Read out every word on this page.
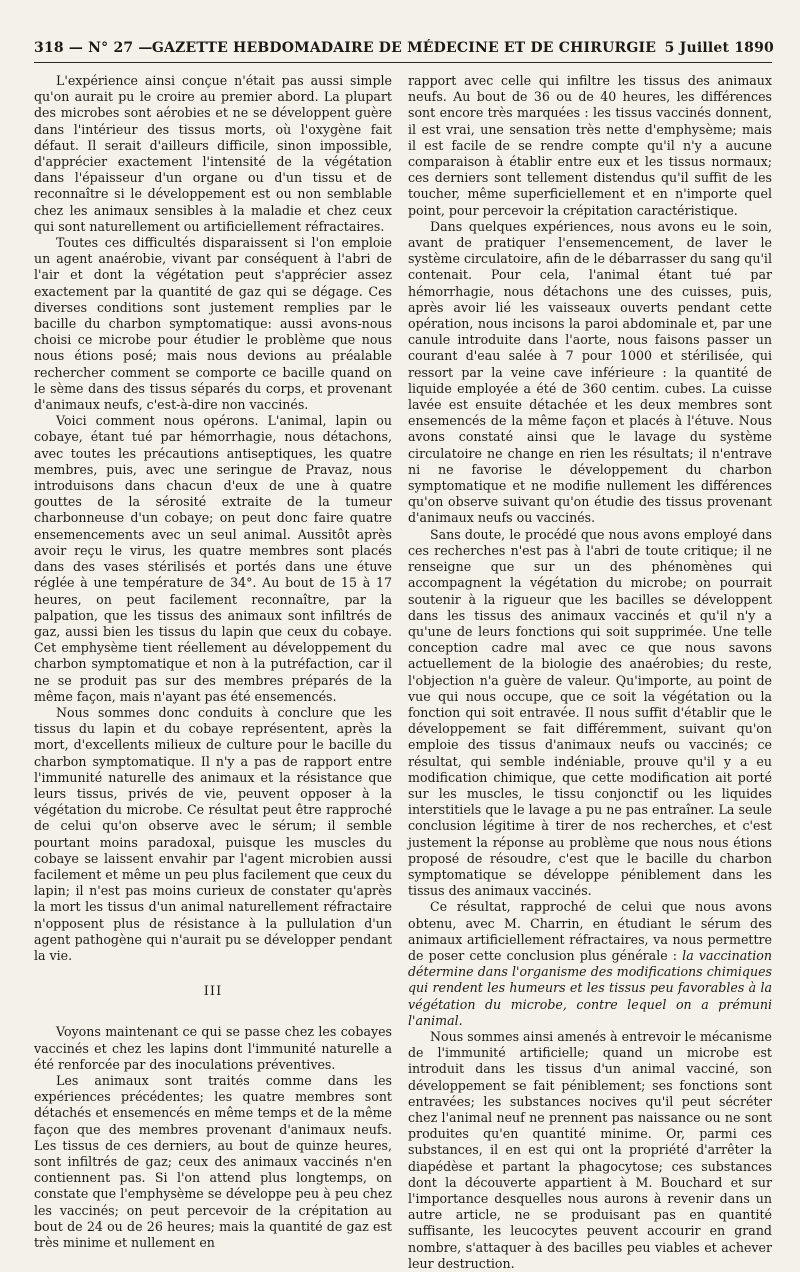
GAZETTE HEBDOMADAIRE DE MÉDECINE ET DE CHIRURGIE
318 — N° 27 —	5 Juillet 1890

L'expérience ainsi conçue n'était pas aussi simple qu'on aurait pu le croire au premier abord. La plupart des microbes sont aérobies et ne se développent guère dans l'intérieur des tissus morts, où l'oxygène fait défaut. Il serait d'ailleurs difficile, sinon impossible, d'apprécier exactement l'intensité de la végétation dans l'épaisseur d'un organe ou d'un tissu et de reconnaître si le développement est ou non semblable chez les animaux sensibles à la maladie et chez ceux qui sont naturellement ou artificiellement réfractaires.

Toutes ces difficultés disparaissent si l'on emploie un agent anaérobie, vivant par conséquent à l'abri de l'air et dont la végétation peut s'apprécier assez exactement par la quantité de gaz qui se dégage. Ces diverses conditions sont justement remplies par le bacille du charbon symptomatique: aussi avons-nous choisi ce microbe pour étudier le problème que nous nous étions posé; mais nous devions au préalable rechercher comment se comporte ce bacille quand on le sème dans des tissus séparés du corps, et provenant d'animaux neufs, c'est-à-dire non vaccinés.

Voici comment nous opérons. L'animal, lapin ou cobaye, étant tué par hémorrhagie, nous détachons, avec toutes les précautions antiseptiques, les quatre membres, puis, avec une seringue de Pravaz, nous introduisons dans chacun d'eux de une à quatre gouttes de la sérosité extraite de la tumeur charbonneuse d'un cobaye; on peut donc faire quatre ensemencements avec un seul animal. Aussitôt après avoir reçu le virus, les quatre membres sont placés dans des vases stérilisés et portés dans une étuve réglée à une température de 34°. Au bout de 15 à 17 heures, on peut facilement reconnaître, par la palpation, que les tissus des animaux sont infiltrés de gaz, aussi bien les tissus du lapin que ceux du cobaye. Cet emphysème tient réellement au développement du charbon symptomatique et non à la putréfaction, car il ne se produit pas sur des membres préparés de la même façon, mais n'ayant pas été ensemencés.

Nous sommes donc conduits à conclure que les tissus du lapin et du cobaye représentent, après la mort, d'excellents milieux de culture pour le bacille du charbon symptomatique. Il n'y a pas de rapport entre l'immunité naturelle des animaux et la résistance que leurs tissus, privés de vie, peuvent opposer à la végétation du microbe. Ce résultat peut être rapproché de celui qu'on observe avec le sérum; il semble pourtant moins paradoxal, puisque les muscles du cobaye se laissent envahir par l'agent microbien aussi facilement et même un peu plus facilement que ceux du lapin; il n'est pas moins curieux de constater qu'après la mort les tissus d'un animal naturellement réfractaire n'opposent plus de résistance à la pullulation d'un agent pathogène qui n'aurait pu se développer pendant la vie.

III

Voyons maintenant ce qui se passe chez les cobayes vaccinés et chez les lapins dont l'immunité naturelle a été renforcée par des inoculations préventives.

Les animaux sont traités comme dans les expériences précédentes; les quatre membres sont détachés et ensemencés en même temps et de la même façon que des membres provenant d'animaux neufs. Les tissus de ces derniers, au bout de quinze heures, sont infiltrés de gaz; ceux des animaux vaccinés n'en contiennent pas. Si l'on attend plus longtemps, on constate que l'emphysème se développe peu à peu chez les vaccinés; on peut percevoir de la crépitation au bout de 24 ou de 26 heures; mais la quantité de gaz est très minime et nullement en

rapport avec celle qui infiltre les tissus des animaux neufs. Au bout de 36 ou de 40 heures, les différences sont encore très marquées : les tissus vaccinés donnent, il est vrai, une sensation très nette d'emphysème; mais il est facile de se rendre compte qu'il n'y a aucune comparaison à établir entre eux et les tissus normaux; ces derniers sont tellement distendus qu'il suffit de les toucher, même superficiellement et en n'importe quel point, pour percevoir la crépitation caractéristique.

Dans quelques expériences, nous avons eu le soin, avant de pratiquer l'ensemencement, de laver le système circulatoire, afin de le débarrasser du sang qu'il contenait. Pour cela, l'animal étant tué par hémorrhagie, nous détachons une des cuisses, puis, après avoir lié les vaisseaux ouverts pendant cette opération, nous incisons la paroi abdominale et, par une canule introduite dans l'aorte, nous faisons passer un courant d'eau salée à 7 pour 1000 et stérilisée, qui ressort par la veine cave inférieure : la quantité de liquide employée a été de 360 centim. cubes. La cuisse lavée est ensuite détachée et les deux membres sont ensemencés de la même façon et placés à l'étuve. Nous avons constaté ainsi que le lavage du système circulatoire ne change en rien les résultats; il n'entrave ni ne favorise le développement du charbon symptomatique et ne modifie nullement les différences qu'on observe suivant qu'on étudie des tissus provenant d'animaux neufs ou vaccinés.

Sans doute, le procédé que nous avons employé dans ces recherches n'est pas à l'abri de toute critique; il ne renseigne que sur un des phénomènes qui accompagnent la végétation du microbe; on pourrait soutenir à la rigueur que les bacilles se développent dans les tissus des animaux vaccinés et qu'il n'y a qu'une de leurs fonctions qui soit supprimée. Une telle conception cadre mal avec ce que nous savons actuellement de la biologie des anaérobies; du reste, l'objection n'a guère de valeur. Qu'importe, au point de vue qui nous occupe, que ce soit la végétation ou la fonction qui soit entravée. Il nous suffit d'établir que le développement se fait différemment, suivant qu'on emploie des tissus d'animaux neufs ou vaccinés; ce résultat, qui semble indéniable, prouve qu'il y a eu modification chimique, que cette modification ait porté sur les muscles, le tissu conjonctif ou les liquides interstitiels que le lavage a pu ne pas entraîner. La seule conclusion légitime à tirer de nos recherches, et c'est justement la réponse au problème que nous nous étions proposé de résoudre, c'est que le bacille du charbon symptomatique se développe péniblement dans les tissus des animaux vaccinés.

Ce résultat, rapproché de celui que nous avons obtenu, avec M. Charrin, en étudiant le sérum des animaux artificiellement réfractaires, va nous permettre de poser cette conclusion plus générale : la vaccination détermine dans l'organisme des modifications chimiques qui rendent les humeurs et les tissus peu favorables à la végétation du microbe, contre lequel on a prémuni l'animal.

Nous sommes ainsi amenés à entrevoir le mécanisme de l'immunité artificielle; quand un microbe est introduit dans les tissus d'un animal vacciné, son développement se fait péniblement; ses fonctions sont entravées; les substances nocives qu'il peut sécréter chez l'animal neuf ne prennent pas naissance ou ne sont produites qu'en quantité minime. Or, parmi ces substances, il en est qui ont la propriété d'arrêter la diapédèse et partant la phagocytose; ces substances dont la découverte appartient à M. Bouchard et sur l'importance desquelles nous aurons à revenir dans un autre article, ne se produisant pas en quantité suffisante, les leucocytes peuvent accourir en grand nombre, s'attaquer à des bacilles peu viables et achever leur destruction.
